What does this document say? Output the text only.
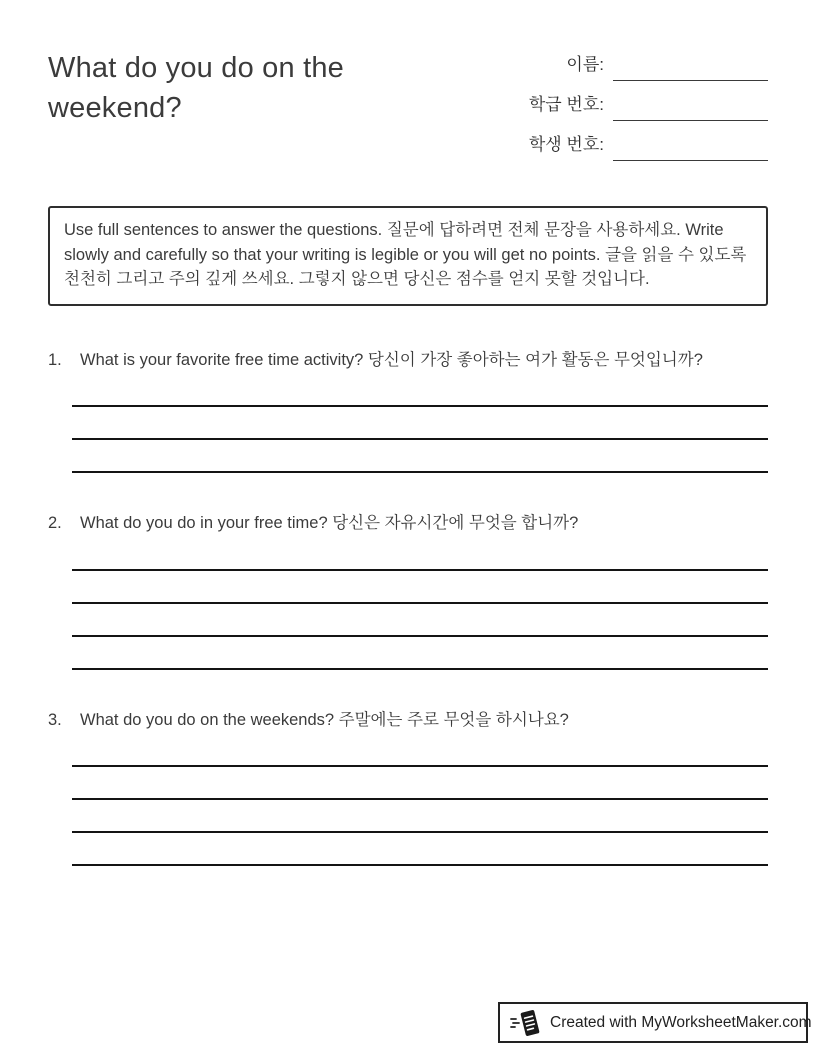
What do you do on the weekend?
이름:
학급 번호:
학생 번호:
Use full sentences to answer the questions. 질문에 답하려면 전체 문장을 사용하세요. Write slowly and carefully so that your writing is legible or you will get no points. 글을 읽을 수 있도록 천천히 그리고 주의 깊게 쓰세요. 그렇지 않으면 당신은 점수를 얻지 못할 것입니다.
1.	What is your favorite free time activity? 당신이 가장 좋아하는 여가 활동은 무엇입니까?
2.	What do you do in your free time? 당신은 자유시간에 무엇을 합니까?
3.	What do you do on the weekends? 주말에는 주로 무엇을 하시나요?
Created with MyWorksheetMaker.com
